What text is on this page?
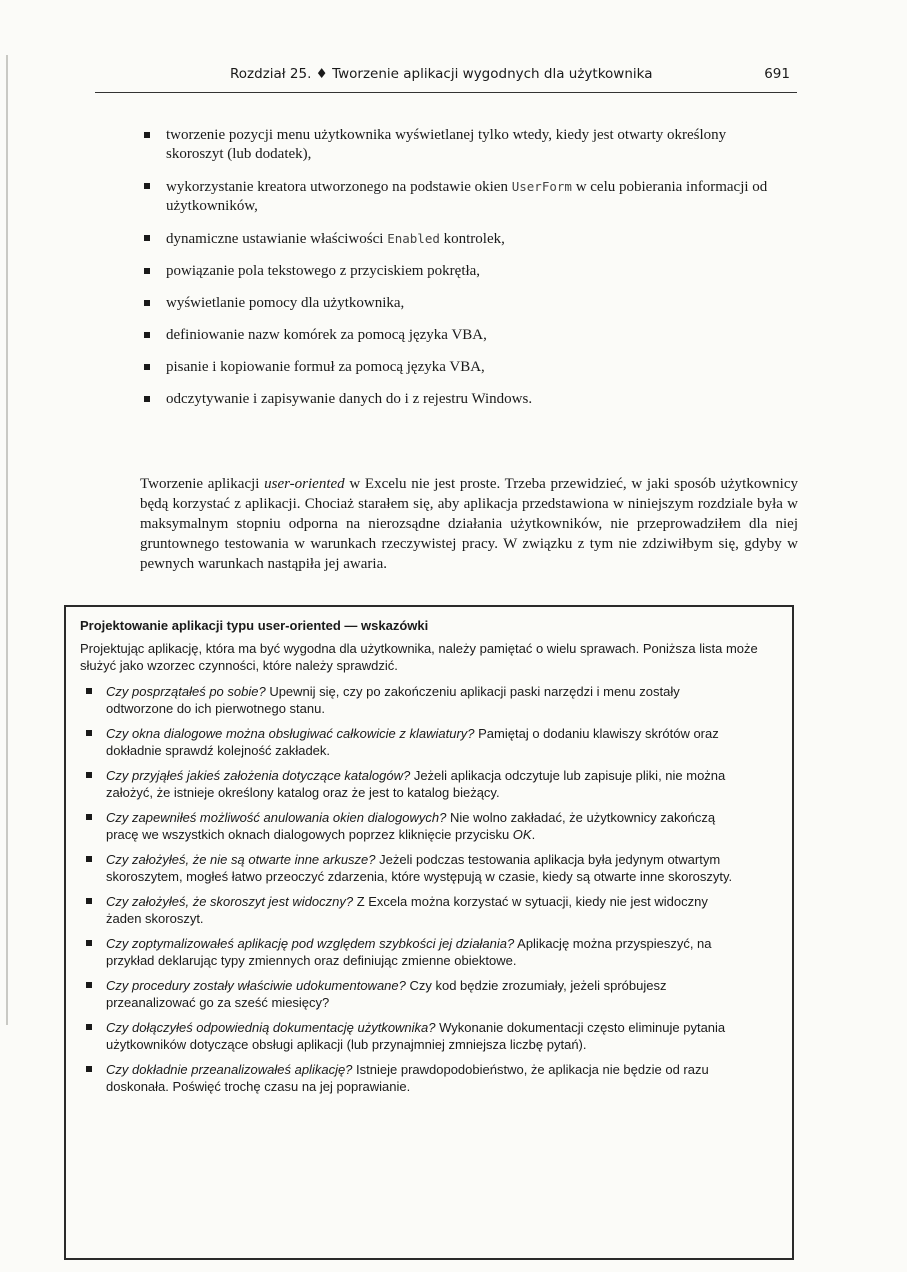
Rozdział 25. ♦ Tworzenie aplikacji wygodnych dla użytkownika	691
tworzenie pozycji menu użytkownika wyświetlanej tylko wtedy, kiedy jest otwarty określony skoroszyt (lub dodatek),
wykorzystanie kreatora utworzonego na podstawie okien UserForm w celu pobierania informacji od użytkowników,
dynamiczne ustawianie właściwości Enabled kontrolek,
powiązanie pola tekstowego z przyciskiem pokrętła,
wyświetlanie pomocy dla użytkownika,
definiowanie nazw komórek za pomocą języka VBA,
pisanie i kopiowanie formuł za pomocą języka VBA,
odczytywanie i zapisywanie danych do i z rejestru Windows.
Tworzenie aplikacji user-oriented w Excelu nie jest proste. Trzeba przewidzieć, w jaki sposób użytkownicy będą korzystać z aplikacji. Chociaż starałem się, aby aplikacja przedstawiona w niniejszym rozdziale była w maksymalnym stopniu odporna na nierozsądne działania użytkowników, nie przeprowadziłem dla niej gruntownego testowania w warunkach rzeczywistej pracy. W związku z tym nie zdziwiłbym się, gdyby w pewnych warunkach nastąpiła jej awaria.
Projektowanie aplikacji typu user-oriented — wskazówki
Projektując aplikację, która ma być wygodna dla użytkownika, należy pamiętać o wielu sprawach. Poniższa lista może służyć jako wzorzec czynności, które należy sprawdzić.
Czy posprzątałeś po sobie? Upewnij się, czy po zakończeniu aplikacji paski narzędzi i menu zostały odtworzone do ich pierwotnego stanu.
Czy okna dialogowe można obsługiwać całkowicie z klawiatury? Pamiętaj o dodaniu klawiszy skrótów oraz dokładnie sprawdź kolejność zakładek.
Czy przyjąłeś jakieś założenia dotyczące katalogów? Jeżeli aplikacja odczytuje lub zapisuje pliki, nie można założyć, że istnieje określony katalog oraz że jest to katalog bieżący.
Czy zapewniłeś możliwość anulowania okien dialogowych? Nie wolno zakładać, że użytkownicy zakończą pracę we wszystkich oknach dialogowych poprzez kliknięcie przycisku OK.
Czy założyłeś, że nie są otwarte inne arkusze? Jeżeli podczas testowania aplikacja była jedynym otwartym skoroszytem, mogłeś łatwo przeoczyć zdarzenia, które występują w czasie, kiedy są otwarte inne skoroszyty.
Czy założyłeś, że skoroszyt jest widoczny? Z Excela można korzystać w sytuacji, kiedy nie jest widoczny żaden skoroszyt.
Czy zoptymalizowałeś aplikację pod względem szybkości jej działania? Aplikację można przyspieszyć, na przykład deklarując typy zmiennych oraz definiując zmienne obiektowe.
Czy procedury zostały właściwie udokumentowane? Czy kod będzie zrozumiały, jeżeli spróbujesz przeanalizować go za sześć miesięcy?
Czy dołączyłeś odpowiednią dokumentację użytkownika? Wykonanie dokumentacji często eliminuje pytania użytkowników dotyczące obsługi aplikacji (lub przynajmniej zmniejsza liczbę pytań).
Czy dokładnie przeanalizowałeś aplikację? Istnieje prawdopodobieństwo, że aplikacja nie będzie od razu doskonała. Poświęć trochę czasu na jej poprawianie.
